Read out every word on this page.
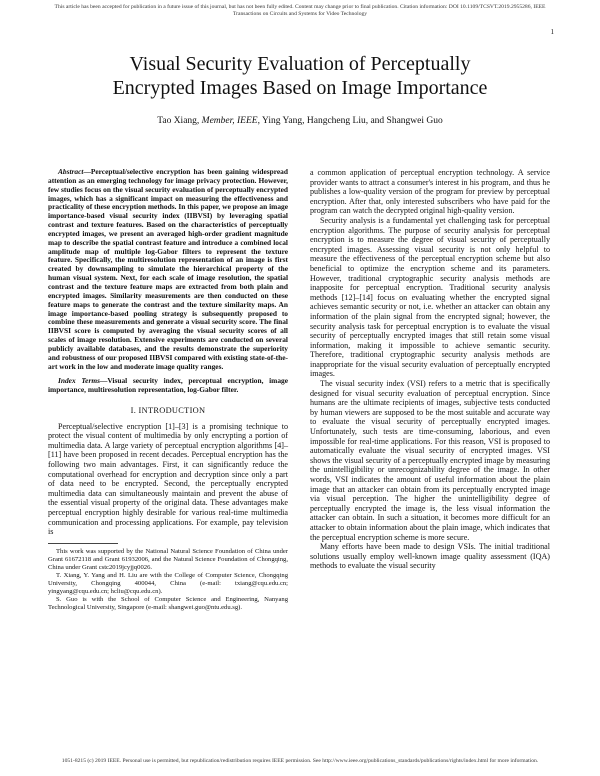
This article has been accepted for publication in a future issue of this journal, but has not been fully edited. Content may change prior to final publication. Citation information: DOI 10.1109/TCSVT.2019.2955286, IEEE
Transactions on Circuits and Systems for Video Technology
1
Visual Security Evaluation of Perceptually
Encrypted Images Based on Image Importance
Tao Xiang, Member, IEEE, Ying Yang, Hangcheng Liu, and Shangwei Guo

Abstract—Perceptual/selective encryption has been gaining widespread attention as an emerging technology for image privacy protection. However, few studies focus on the visual security evaluation of perceptually encrypted images, which has a significant impact on measuring the effectiveness and practicality of these encryption methods. In this paper, we propose an image importance-based visual security index (IIBVSI) by leveraging spatial contrast and texture features. Based on the characteristics of perceptually encrypted images, we present an averaged high-order gradient magnitude map to describe the spatial contrast feature and introduce a combined local amplitude map of multiple log-Gabor filters to represent the texture feature. Specifically, the multiresolution representation of an image is first created by downsampling to simulate the hierarchical property of the human visual system. Next, for each scale of image resolution, the spatial contrast and the texture feature maps are extracted from both plain and encrypted images. Similarity measurements are then conducted on these feature maps to generate the contrast and the texture similarity maps. An image importance-based pooling strategy is subsequently proposed to combine these measurements and generate a visual security score. The final IIBVSI score is computed by averaging the visual security scores of all scales of image resolution. Extensive experiments are conducted on several publicly available databases, and the results demonstrate the superiority and robustness of our proposed IIBVSI compared with existing state-of-the-art work in the low and moderate image quality ranges.

Index Terms—Visual security index, perceptual encryption, image importance, multiresolution representation, log-Gabor filter.

I. INTRODUCTION

Perceptual/selective encryption [1]–[3] is a promising technique to protect the visual content of multimedia by only encrypting a portion of multimedia data. A large variety of perceptual encryption algorithms [4]–[11] have been proposed in recent decades. Perceptual encryption has the following two main advantages. First, it can significantly reduce the computational overhead for encryption and decryption since only a part of data need to be encrypted. Second, the perceptually encrypted multimedia data can simultaneously maintain and prevent the abuse of the essential visual property of the original data. These advantages make perceptual encryption highly desirable for various real-time multimedia communication and processing applications. For example, pay television is

This work was supported by the National Natural Science Foundation of China under Grant 61672118 and Grant 61932006, and the Natural Science Foundation of Chongqing, China under Grant cstc2019jcyjjq0026.

T. Xiang, Y. Yang and H. Liu are with the College of Computer Science, Chongqing University, Chongqing 400044, China (e-mail: txiang@cqu.edu.cn; yingyang@cqu.edu.cn; hcliu@cqu.edu.cn).

S. Guo is with the School of Computer Science and Engineering, Nanyang Technological University, Singapore (e-mail: shangwei.guo@ntu.edu.sg).

a common application of perceptual encryption technology. A service provider wants to attract a consumer's interest in his program, and thus he publishes a low-quality version of the program for preview by perceptual encryption. After that, only interested subscribers who have paid for the program can watch the decrypted original high-quality version.

Security analysis is a fundamental yet challenging task for perceptual encryption algorithms. The purpose of security analysis for perceptual encryption is to measure the degree of visual security of perceptually encrypted images. Assessing visual security is not only helpful to measure the effectiveness of the perceptual encryption scheme but also beneficial to optimize the encryption scheme and its parameters. However, traditional cryptographic security analysis methods are inapposite for perceptual encryption. Traditional security analysis methods [12]–[14] focus on evaluating whether the encrypted signal achieves semantic security or not, i.e. whether an attacker can obtain any information of the plain signal from the encrypted signal; however, the security analysis task for perceptual encryption is to evaluate the visual security of perceptually encrypted images that still retain some visual information, making it impossible to achieve semantic security. Therefore, traditional cryptographic security analysis methods are inappropriate for the visual security evaluation of perceptually encrypted images.

The visual security index (VSI) refers to a metric that is specifically designed for visual security evaluation of perceptual encryption. Since humans are the ultimate recipients of images, subjective tests conducted by human viewers are supposed to be the most suitable and accurate way to evaluate the visual security of perceptually encrypted images. Unfortunately, such tests are time-consuming, laborious, and even impossible for real-time applications. For this reason, VSI is proposed to automatically evaluate the visual security of encrypted images. VSI shows the visual security of a perceptually encrypted image by measuring the unintelligibility or unrecognizability degree of the image. In other words, VSI indicates the amount of useful information about the plain image that an attacker can obtain from its perceptually encrypted image via visual perception. The higher the unintelligibility degree of perceptually encrypted the image is, the less visual information the attacker can obtain. In such a situation, it becomes more difficult for an attacker to obtain information about the plain image, which indicates that the perceptual encryption scheme is more secure.

Many efforts have been made to design VSIs. The initial traditional solutions usually employ well-known image quality assessment (IQA) methods to evaluate the visual security

1051-8215 (c) 2019 IEEE. Personal use is permitted, but republication/redistribution requires IEEE permission. See http://www.ieee.org/publications_standards/publications/rights/index.html for more information.
